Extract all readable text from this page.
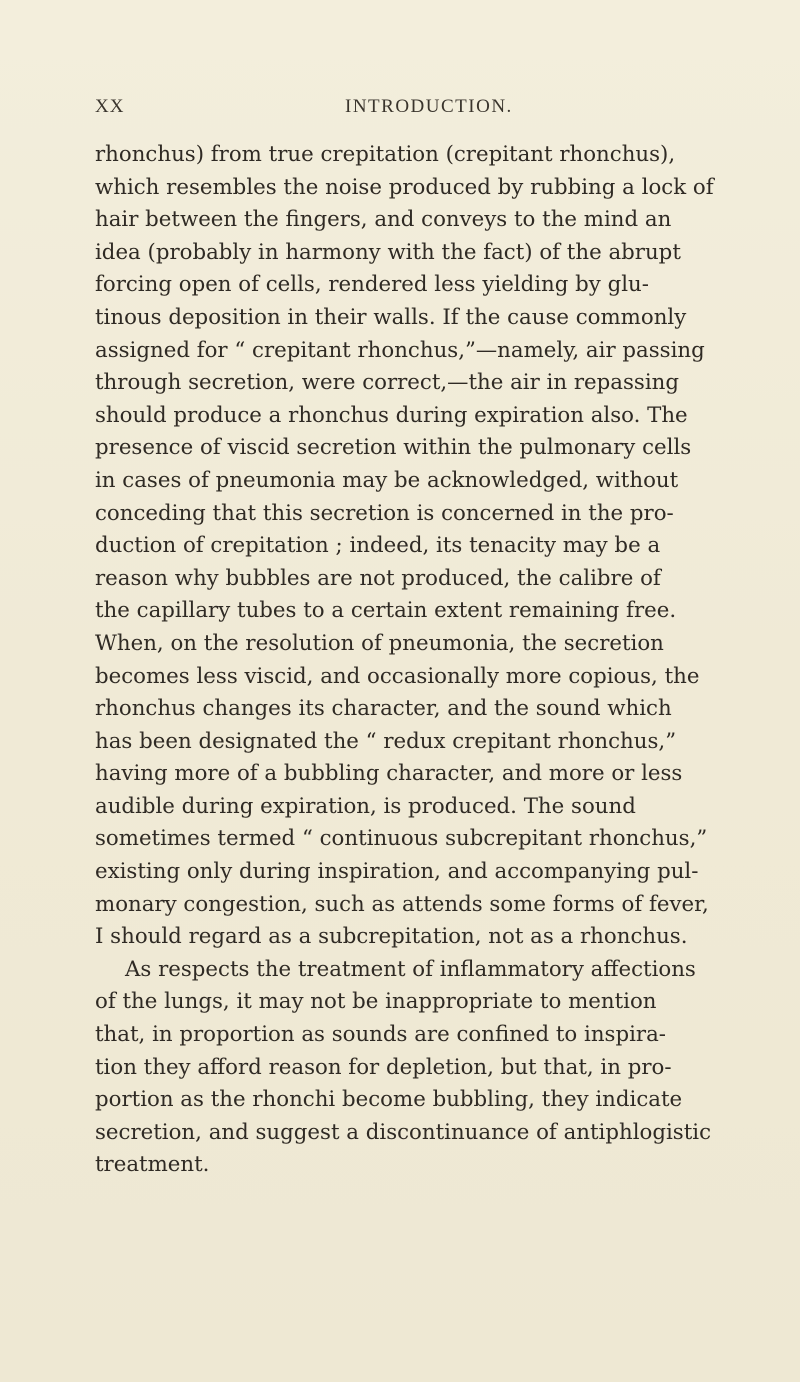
XX	INTRODUCTION.
rhonchus) from true crepitation (crepitant rhonchus),
which resembles the noise produced by rubbing a lock of
hair between the fingers, and conveys to the mind an
idea (probably in harmony with the fact) of the abrupt
forcing open of cells, rendered less yielding by glu-
tinous deposition in their walls. If the cause commonly
assigned for “ crepitant rhonchus,”—namely, air passing
through secretion, were correct,—the air in repassing
should produce a rhonchus during expiration also. The
presence of viscid secretion within the pulmonary cells
in cases of pneumonia may be acknowledged, without
conceding that this secretion is concerned in the pro-
duction of crepitation ; indeed, its tenacity may be a
reason why bubbles are not produced, the calibre of
the capillary tubes to a certain extent remaining free.
When, on the resolution of pneumonia, the secretion
becomes less viscid, and occasionally more copious, the
rhonchus changes its character, and the sound which
has been designated the “ redux crepitant rhonchus,”
having more of a bubbling character, and more or less
audible during expiration, is produced. The sound
sometimes termed “ continuous subcrepitant rhonchus,”
existing only during inspiration, and accompanying pul-
monary congestion, such as attends some forms of fever,
I should regard as a subcrepitation, not as a rhonchus.
As respects the treatment of inflammatory affections
of the lungs, it may not be inappropriate to mention
that, in proportion as sounds are confined to inspira-
tion they afford reason for depletion, but that, in pro-
portion as the rhonchi become bubbling, they indicate
secretion, and suggest a discontinuance of antiphlogistic
treatment.
